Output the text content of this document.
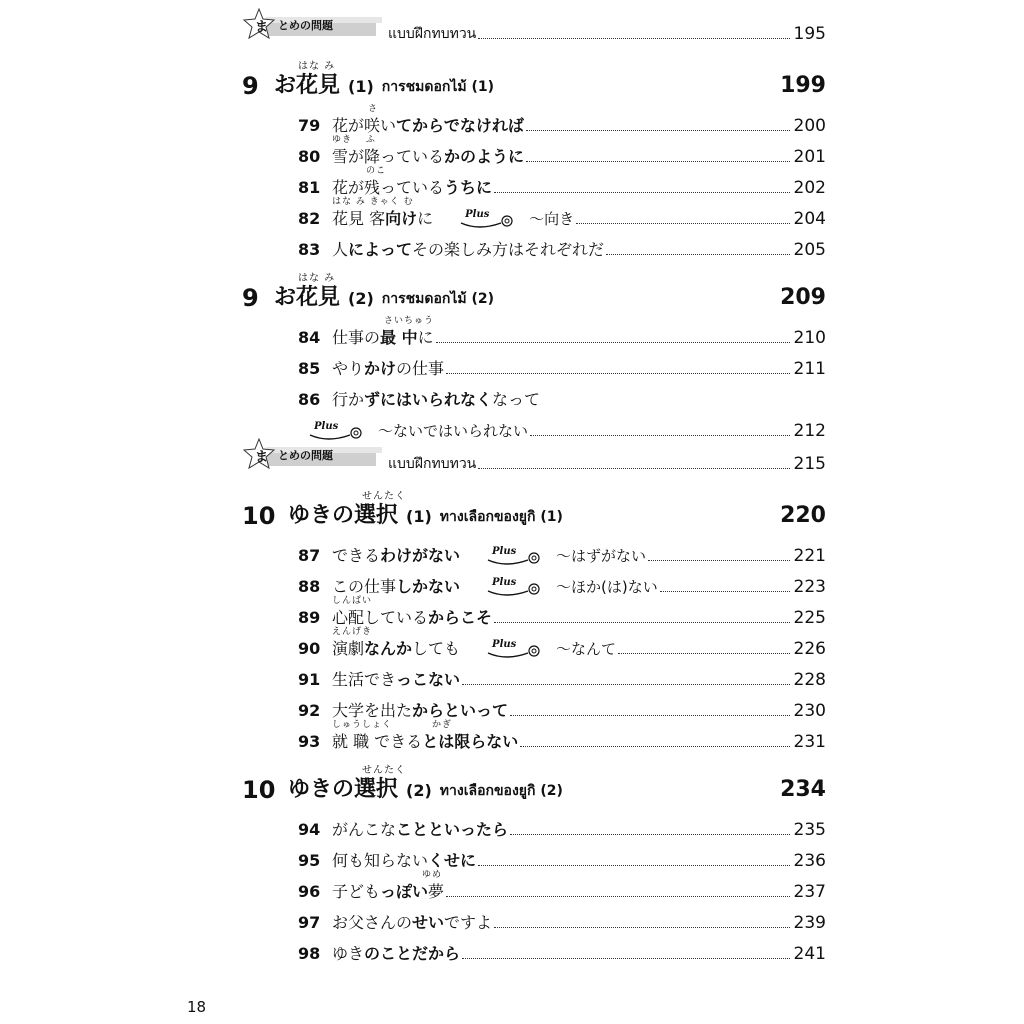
ま とめの問題
แบบฝึกทบทวน	195
はな み
9 お 花見 (1) การชมดอกไม้ (1)	199
さ
79 花が咲い てからでなければ	200
ゆき　 ふ
80 雪が降っている かのように	201
のこ
81 花が残っている うちに	202
はな み きゃく む
82 花見 客 向け に	Plus	〜向き	204
83 人 によって その楽しみ方はそれぞれだ	205
はな み
9 お 花見 (2) การชมดอกไม้ (2)	209
さいちゅう
84 仕事の 最 中 に	210
85 やり かけ の仕事	211
86 行か ずにはいられなく なって
Plus	〜ないではいられない	212
ま とめの問題
แบบฝึกทบทวน	215
せんたく
10 ゆきの 選択 (1) ทางเลือกของยูกิ (1)	220
87 できる わけがない	Plus	〜はずがない	221
88 この仕事 しかない	Plus	〜ほか(は)ない	223
しんぱい
89 心配している からこそ	225
えんげき
90 演劇 なんか しても	Plus	〜なんて	226
91 生活でき っこない	228
92 大学を出た からといって	230
しゅうしょく　　　　かぎ
93 就 職 できる とは限らない	231
せんたく
10 ゆきの 選択 (2) ทางเลือกของยูกิ (2)	234
94 がんこな ことといったら	235
95 何も知らない くせに	236
ゆめ
96 子ども っぽい 夢	237
97 お父さんの せい ですよ	239
98 ゆき のことだから	241
18
